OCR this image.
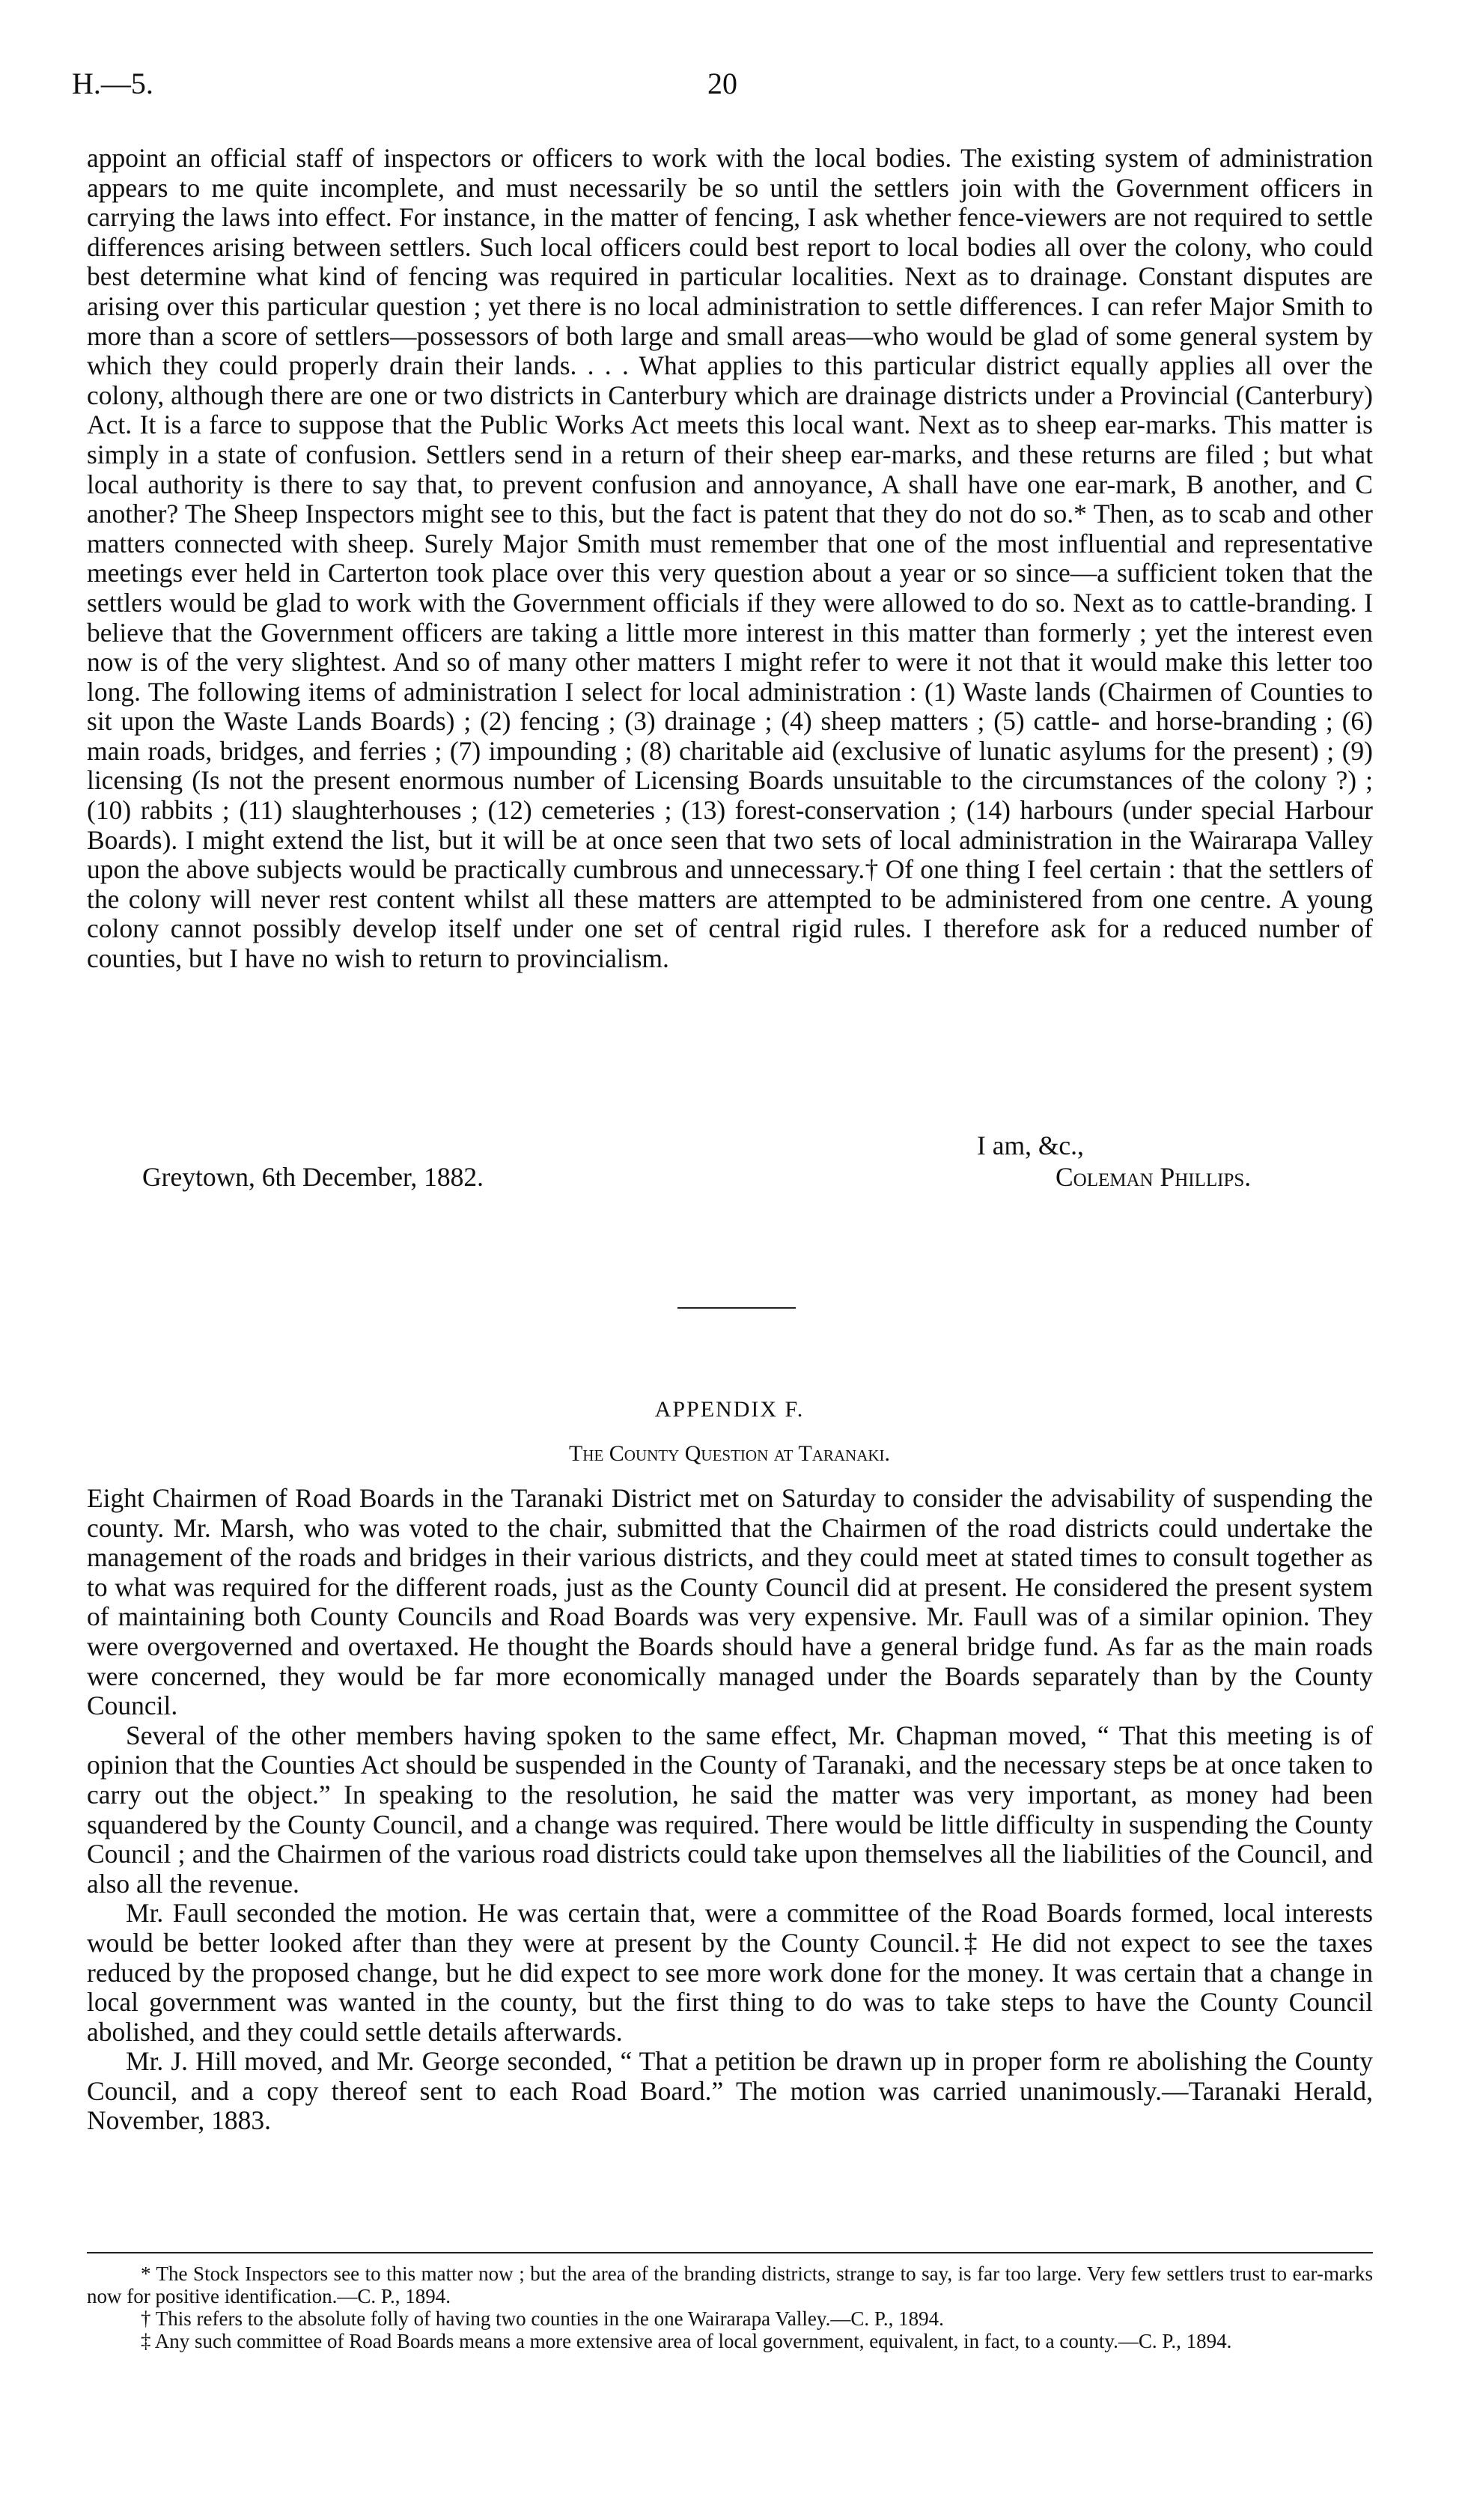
H.—5.	20

appoint an official staff of inspectors or officers to work with the local bodies. The existing system of administration appears to me quite incomplete, and must necessarily be so until the settlers join with the Government officers in carrying the laws into effect. For instance, in the matter of fencing, I ask whether fence-viewers are not required to settle differences arising between settlers. Such local officers could best report to local bodies all over the colony, who could best determine what kind of fencing was required in particular localities. Next as to drainage. Constant disputes are arising over this particular question ; yet there is no local administration to settle differences. I can refer Major Smith to more than a score of settlers—possessors of both large and small areas—who would be glad of some general system by which they could properly drain their lands. . . . What applies to this particular district equally applies all over the colony, although there are one or two districts in Canterbury which are drainage districts under a Provincial (Canterbury) Act. It is a farce to suppose that the Public Works Act meets this local want. Next as to sheep ear-marks. This matter is simply in a state of confusion. Settlers send in a return of their sheep ear-marks, and these returns are filed ; but what local authority is there to say that, to prevent confusion and annoyance, A shall have one ear-mark, B another, and C another? The Sheep Inspectors might see to this, but the fact is patent that they do not do so.* Then, as to scab and other matters connected with sheep. Surely Major Smith must remember that one of the most influential and representative meetings ever held in Carterton took place over this very question about a year or so since—a sufficient token that the settlers would be glad to work with the Government officials if they were allowed to do so. Next as to cattle-branding. I believe that the Government officers are taking a little more interest in this matter than formerly ; yet the interest even now is of the very slightest. And so of many other matters I might refer to were it not that it would make this letter too long. The following items of administration I select for local administration : (1) Waste lands (Chairmen of Counties to sit upon the Waste Lands Boards) ; (2) fencing ; (3) drainage ; (4) sheep matters ; (5) cattle- and horse-branding ; (6) main roads, bridges, and ferries ; (7) impounding ; (8) charitable aid (exclusive of lunatic asylums for the present) ; (9) licensing (Is not the present enormous number of Licensing Boards unsuitable to the circumstances of the colony ?) ; (10) rabbits ; (11) slaughterhouses ; (12) cemeteries ; (13) forest-conservation ; (14) harbours (under special Harbour Boards). I might extend the list, but it will be at once seen that two sets of local administration in the Wairarapa Valley upon the above subjects would be practically cumbrous and unnecessary.† Of one thing I feel certain : that the settlers of the colony will never rest content whilst all these matters are attempted to be administered from one centre. A young colony cannot possibly develop itself under one set of central rigid rules. I therefore ask for a reduced number of counties, but I have no wish to return to provincialism.

I am, &c.,
Greytown, 6th December, 1882.	Coleman Phillips.
APPENDIX F.
The County Question at Taranaki.

Eight Chairmen of Road Boards in the Taranaki District met on Saturday to consider the advisability of suspending the county. Mr. Marsh, who was voted to the chair, submitted that the Chairmen of the road districts could undertake the management of the roads and bridges in their various districts, and they could meet at stated times to consult together as to what was required for the different roads, just as the County Council did at present. He considered the present system of maintaining both County Councils and Road Boards was very expensive. Mr. Faull was of a similar opinion. They were overgoverned and overtaxed. He thought the Boards should have a general bridge fund. As far as the main roads were concerned, they would be far more economically managed under the Boards separately than by the County Council.

Several of the other members having spoken to the same effect, Mr. Chapman moved, “ That this meeting is of opinion that the Counties Act should be suspended in the County of Taranaki, and the necessary steps be at once taken to carry out the object.” In speaking to the resolution, he said the matter was very important, as money had been squandered by the County Council, and a change was required. There would be little difficulty in suspending the County Council ; and the Chairmen of the various road districts could take upon themselves all the liabilities of the Council, and also all the revenue.

Mr. Faull seconded the motion. He was certain that, were a committee of the Road Boards formed, local interests would be better looked after than they were at present by the County Council.‡ He did not expect to see the taxes reduced by the proposed change, but he did expect to see more work done for the money. It was certain that a change in local government was wanted in the county, but the first thing to do was to take steps to have the County Council abolished, and they could settle details afterwards.

Mr. J. Hill moved, and Mr. George seconded, “ That a petition be drawn up in proper form re abolishing the County Council, and a copy thereof sent to each Road Board.” The motion was carried unanimously.—Taranaki Herald, November, 1883.

* The Stock Inspectors see to this matter now ; but the area of the branding districts, strange to say, is far too large. Very few settlers trust to ear-marks now for positive identification.—C. P., 1894.

† This refers to the absolute folly of having two counties in the one Wairarapa Valley.—C. P., 1894.

‡ Any such committee of Road Boards means a more extensive area of local government, equivalent, in fact, to a county.—C. P., 1894.
